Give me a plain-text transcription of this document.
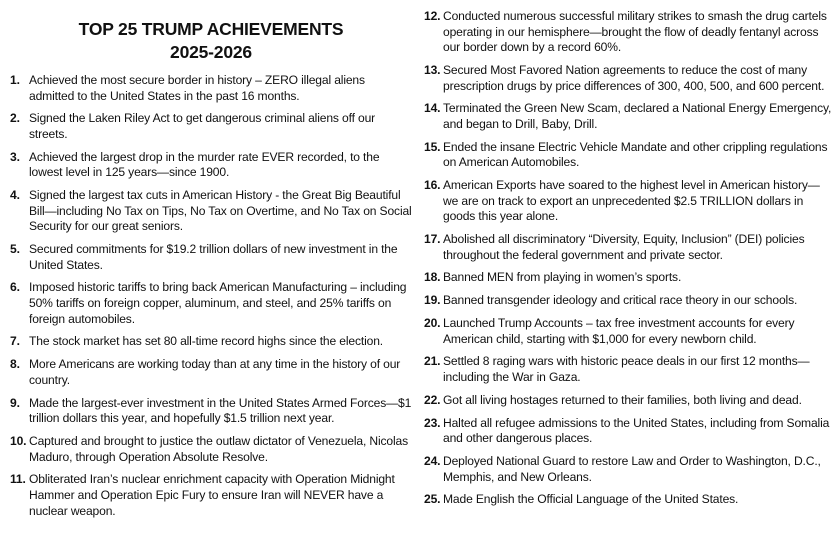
TOP 25 TRUMP ACHIEVEMENTS
2025-2026
1. Achieved the most secure border in history – ZERO illegal aliens admitted to the United States in the past 16 months.
2. Signed the Laken Riley Act to get dangerous criminal aliens off our streets.
3. Achieved the largest drop in the murder rate EVER recorded, to the lowest level in 125 years—since 1900.
4. Signed the largest tax cuts in American History - the Great Big Beautiful Bill—including No Tax on Tips, No Tax on Overtime, and No Tax on Social Security for our great seniors.
5. Secured commitments for $19.2 trillion dollars of new investment in the United States.
6. Imposed historic tariffs to bring back American Manufacturing – including 50% tariffs on foreign copper, aluminum, and steel, and 25% tariffs on foreign automobiles.
7. The stock market has set 80 all-time record highs since the election.
8. More Americans are working today than at any time in the history of our country.
9. Made the largest-ever investment in the United States Armed Forces—$1 trillion dollars this year, and hopefully $1.5 trillion next year.
10. Captured and brought to justice the outlaw dictator of Venezuela, Nicolas Maduro, through Operation Absolute Resolve.
11. Obliterated Iran’s nuclear enrichment capacity with Operation Midnight Hammer and Operation Epic Fury to ensure Iran will NEVER have a nuclear weapon.
12. Conducted numerous successful military strikes to smash the drug cartels operating in our hemisphere—brought the flow of deadly fentanyl across our border down by a record 60%.
13. Secured Most Favored Nation agreements to reduce the cost of many prescription drugs by price differences of 300, 400, 500, and 600 percent.
14. Terminated the Green New Scam, declared a National Energy Emergency, and began to Drill, Baby, Drill.
15. Ended the insane Electric Vehicle Mandate and other crippling regulations on American Automobiles.
16. American Exports have soared to the highest level in American history—we are on track to export an unprecedented $2.5 TRILLION dollars in goods this year alone.
17. Abolished all discriminatory “Diversity, Equity, Inclusion” (DEI) policies throughout the federal government and private sector.
18. Banned MEN from playing in women’s sports.
19. Banned transgender ideology and critical race theory in our schools.
20. Launched Trump Accounts – tax free investment accounts for every American child, starting with $1,000 for every newborn child.
21. Settled 8 raging wars with historic peace deals in our first 12 months—including the War in Gaza.
22. Got all living hostages returned to their families, both living and dead.
23. Halted all refugee admissions to the United States, including from Somalia and other dangerous places.
24. Deployed National Guard to restore Law and Order to Washington, D.C., Memphis, and New Orleans.
25. Made English the Official Language of the United States.
